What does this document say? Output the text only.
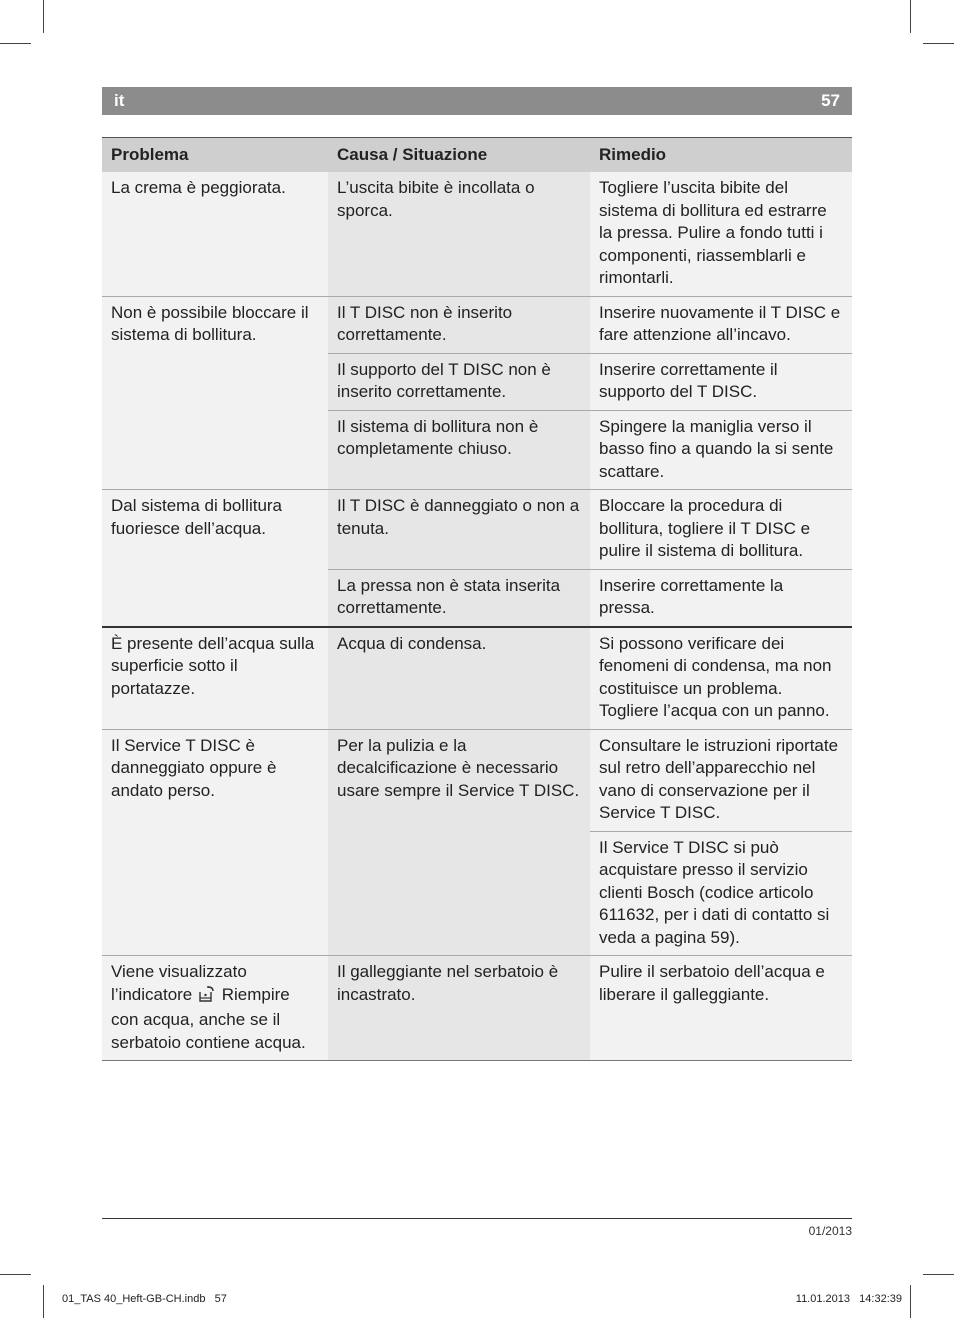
it	57
Problema	Causa / Situazione	Rimedio
La crema è peggiorata.	L’uscita bibite è incollata o sporca.	Togliere l’uscita bibite del sistema di bollitura ed estrarre la pressa. Pulire a fondo tutti i componenti, riassemblarli e rimontarli.
Non è possibile bloccare il sistema di bollitura.	Il T DISC non è inserito correttamente.	Inserire nuovamente il T DISC e fare attenzione all’incavo.
	Il supporto del T DISC non è inserito correttamente.	Inserire correttamente il supporto del T DISC.
	Il sistema di bollitura non è completamente chiuso.	Spingere la maniglia verso il basso fino a quando la si sente scattare.
Dal sistema di bollitura fuoriesce dell’acqua.	Il T DISC è danneggiato o non a tenuta.	Bloccare la procedura di bollitura, togliere il T DISC e pulire il sistema di bollitura.
	La pressa non è stata inserita correttamente.	Inserire correttamente la pressa.
È presente dell’acqua sulla superficie sotto il portatazze.	Acqua di condensa.	Si possono verificare dei fenomeni di condensa, ma non costituisce un problema. Togliere l’acqua con un panno.
Il Service T DISC è danneggiato oppure è andato perso.	Per la pulizia e la decalcificazione è necessario usare sempre il Service T DISC.	Consultare le istruzioni riportate sul retro dell’apparecchio nel vano di conservazione per il Service T DISC.
		Il Service T DISC si può acquistare presso il servizio clienti Bosch (codice articolo 611632, per i dati di contatto si veda a pagina 59).
Viene visualizzato l’indicatore Riempire con acqua, anche se il serbatoio contiene acqua.	Il galleggiante nel serbatoio è incastrato.	Pulire il serbatoio dell’acqua e liberare il galleggiante.
01/2013
01_TAS 40_Heft-GB-CH.indb   57	11.01.2013   14:32:39
